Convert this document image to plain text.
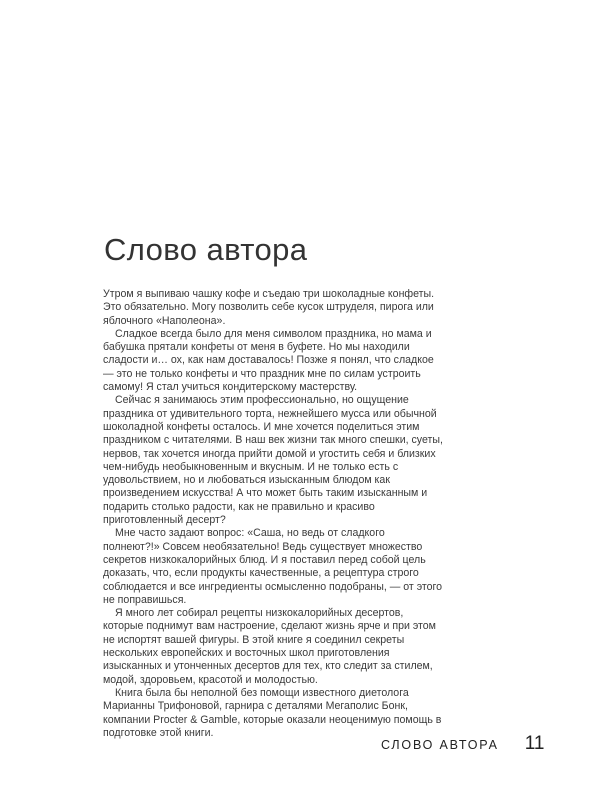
Слово автора

Утром я выпиваю чашку кофе и съедаю три шоколадные конфеты. Это обязательно. Могу позволить себе кусок штруделя, пирога или яблочного «Наполеона».

Сладкое всегда было для меня символом праздника, но мама и бабушка прятали конфеты от меня в буфете. Но мы находили сладости и… ох, как нам доставалось! Позже я понял, что сладкое — это не только конфеты и что праздник мне по силам устроить самому! Я стал учиться кондитерскому мастерству.

Сейчас я занимаюсь этим профессионально, но ощущение праздника от удивительного торта, нежнейшего мусса или обычной шоколадной конфеты осталось. И мне хочется поделиться этим праздником с читателями. В наш век жизни так много спешки, суеты, нервов, так хочется иногда прийти домой и угостить себя и близких чем-нибудь необыкновенным и вкусным. И не только есть с удовольствием, но и любоваться изысканным блюдом как произведением искусства! А что может быть таким изысканным и подарить столько радости, как не правильно и красиво приготовленный десерт?

Мне часто задают вопрос: «Саша, но ведь от сладкого полнеют?!» Совсем необязательно! Ведь существует множество секретов низкокалорийных блюд. И я поставил перед собой цель доказать, что, если продукты качественные, а рецептура строго соблюдается и все ингредиенты осмысленно подобраны, — от этого не поправишься.

Я много лет собирал рецепты низкокалорийных десертов, которые поднимут вам настроение, сделают жизнь ярче и при этом не испортят вашей фигуры. В этой книге я соединил секреты нескольких европейских и восточных школ приготовления изысканных и утонченных десертов для тех, кто следит за стилем, модой, здоровьем, красотой и молодостью.

Книга была бы неполной без помощи известного диетолога Марианны Трифоновой, гарнира с деталями Мегаполис Бонк, компании Procter & Gamble, которые оказали неоценимую помощь в подготовке этой книги.

СЛОВО АВТОРА 11
